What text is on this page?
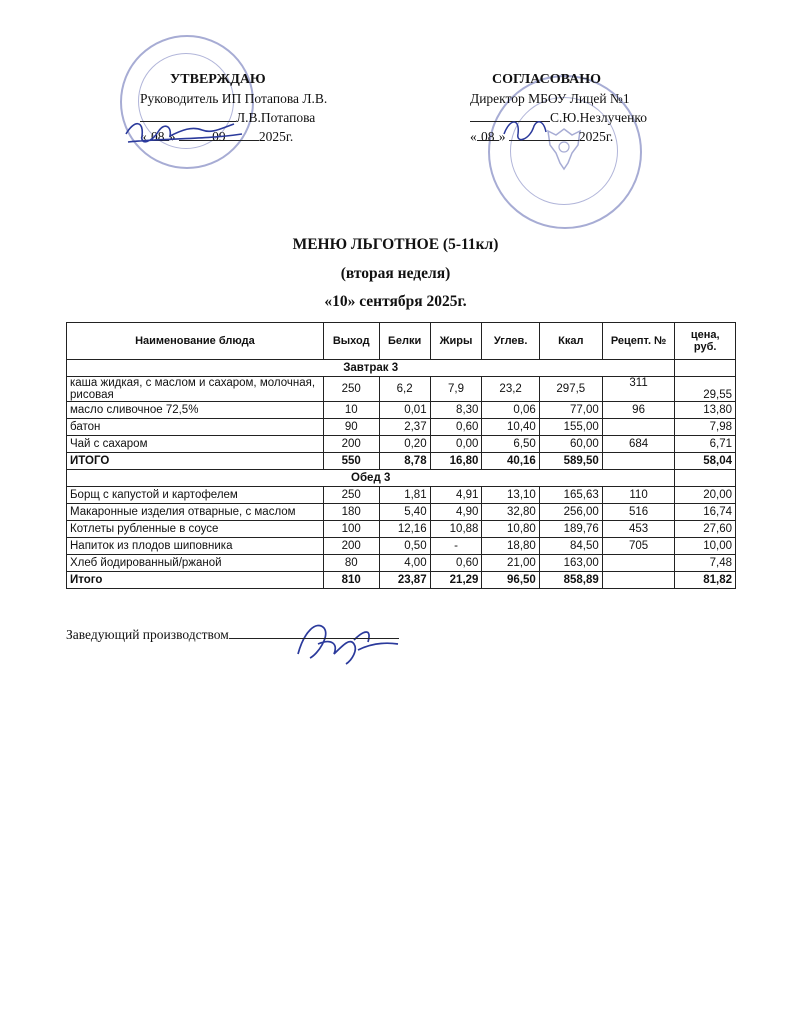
УТВЕРЖДАЮ
Руководитель ИП Потапова Л.В.
Л.В.Потапова
« 08 »	09 2025г.
СОГЛАСОВАНО
Директор МБОУ Лицей №1
С.Ю.Незлученко
« 08 »	2025г.
МЕНЮ ЛЬГОТНОЕ (5-11кл)
(вторая неделя)
«10» сентября 2025г.
Наименование блюда	Выход	Белки	Жиры	Углев.	Ккал	Рецепт. №	цена, руб.
Завтрак 3							
каша жидкая, с маслом и сахаром, молочная, рисовая	250	6,2	7,9	23,2	297,5	311	29,55
масло сливочное 72,5%	10	0,01	8,30	0,06	77,00	96	13,80
батон	90	2,37	0,60	10,40	155,00		7,98
Чай с сахаром	200	0,20	0,00	6,50	60,00	684	6,71
ИТОГО	550	8,78	16,80	40,16	589,50		58,04
Обед 3							
Борщ с капустой и картофелем	250	1,81	4,91	13,10	165,63	110	20,00
Макаронные изделия отварные, с маслом	180	5,40	4,90	32,80	256,00	516	16,74
Котлеты рубленные в соусе	100	12,16	10,88	10,80	189,76	453	27,60
Напиток из плодов шиповника	200	0,50	-	18,80	84,50	705	10,00
Хлеб йодированный/ржаной	80	4,00	0,60	21,00	163,00		7,48
Итого	810	23,87	21,29	96,50	858,89		81,82
Заведующий производством
